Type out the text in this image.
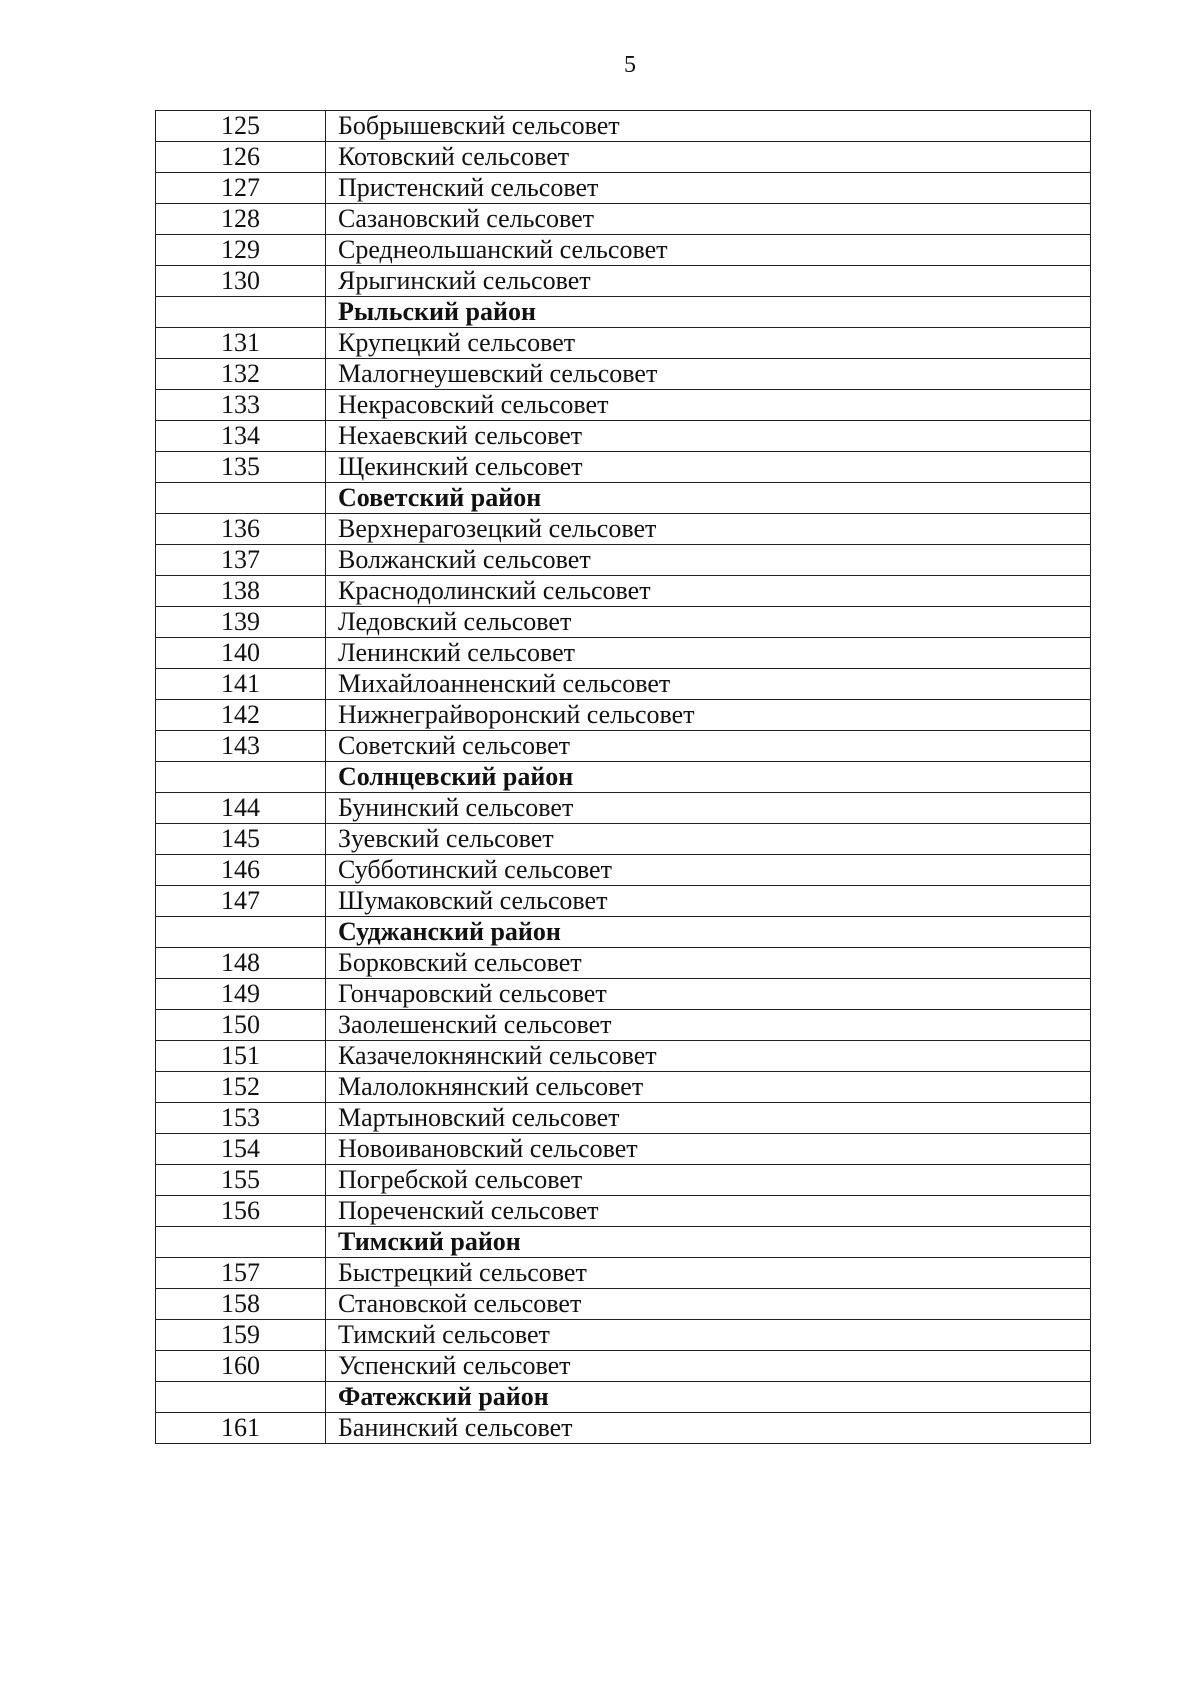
5
125	Бобрышевский сельсовет
126	Котовский сельсовет
127	Пристенский сельсовет
128	Сазановский сельсовет
129	Среднеольшанский сельсовет
130	Ярыгинский сельсовет
	Рыльский район
131	Крупецкий сельсовет
132	Малогнеушевский сельсовет
133	Некрасовский сельсовет
134	Нехаевский сельсовет
135	Щекинский сельсовет
	Советский район
136	Верхнерагозецкий сельсовет
137	Волжанский сельсовет
138	Краснодолинский сельсовет
139	Ледовский сельсовет
140	Ленинский сельсовет
141	Михайлоанненский сельсовет
142	Нижнеграйворонский сельсовет
143	Советский сельсовет
	Солнцевский район
144	Бунинский сельсовет
145	Зуевский сельсовет
146	Субботинский сельсовет
147	Шумаковский сельсовет
	Суджанский район
148	Борковский сельсовет
149	Гончаровский сельсовет
150	Заолешенский сельсовет
151	Казачелокнянский сельсовет
152	Малолокнянский сельсовет
153	Мартыновский сельсовет
154	Новоивановский сельсовет
155	Погребской сельсовет
156	Пореченский сельсовет
	Тимский район
157	Быстрецкий сельсовет
158	Становской сельсовет
159	Тимский сельсовет
160	Успенский сельсовет
	Фатежский район
161	Банинский сельсовет
